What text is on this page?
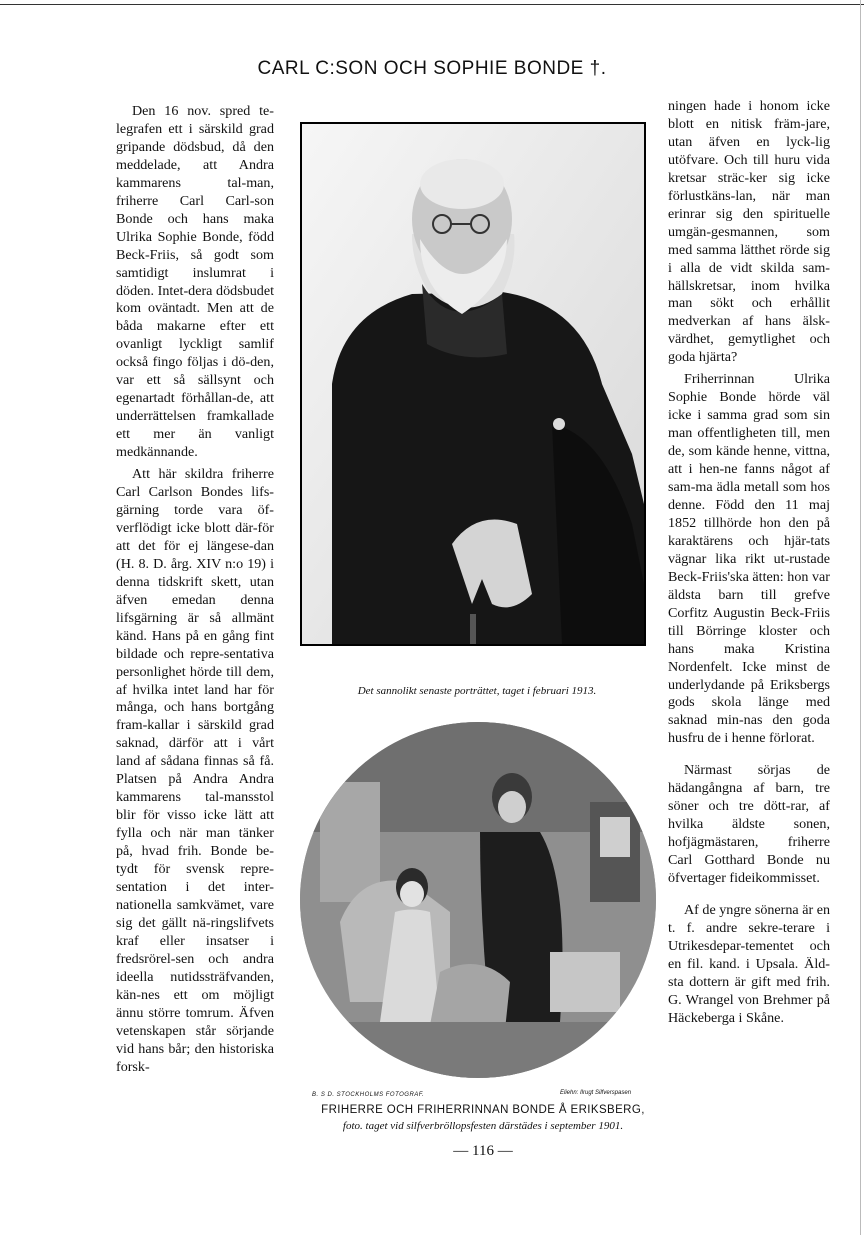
CARL C:SON OCH SOPHIE BONDE †.

Den 16 nov. spred te-legrafen ett i särskild grad gripande dödsbud, då den meddelade, att Andra kammarens tal-man, friherre Carl Carl-son Bonde och hans maka Ulrika Sophie Bonde, född Beck-Friis, så godt som samtidigt inslumrat i döden. Intet-dera dödsbudet kom oväntadt. Men att de båda makarne efter ett ovanligt lyckligt samlif också fingo följas i dö-den, var ett så sällsynt och egenartadt förhållan-de, att underrättelsen framkallade ett mer än vanligt medkännande.

Att här skildra friherre Carl Carlson Bondes lifs-gärning torde vara öf-verflödigt icke blott där-för att det för ej längese-dan (H. 8. D. årg. XIV n:o 19) i denna tidskrift skett, utan äfven emedan denna lifsgärning är så allmänt känd. Hans på en gång fint bildade och repre-sentativa personlighet hörde till dem, af hvilka intet land har för många, och hans bortgång fram-kallar i särskild grad saknad, därför att i vårt land af sådana finnas så få. Platsen på Andra Andra kammarens tal-mansstol blir för visso icke lätt att fylla och när man tänker på, hvad frih. Bonde be-tydt för svensk repre-sentation i det inter-nationella samkvämet, vare sig det gällt nä-ringslifvets kraf eller insatser i fredsrörel-sen och andra ideella nutidssträfvanden, kän-nes ett om möjligt ännu större tomrum. Äfven vetenskapen står sörjande vid hans bår; den historiska forsk-

Det sannolikt senaste porträttet, taget i februari 1913.
B. S D. STOCKHOLMS FOTOGRAF.	Eliehn: Ilrugt Silfverspasen
FRIHERRE OCH FRIHERRINNAN BONDE Å ERIKSBERG,
foto. taget vid silfverbröllopsfesten därstädes i september 1901.

ningen hade i honom icke blott en nitisk främ-jare, utan äfven en lyck-lig utöfvare. Och till huru vida kretsar sträc-ker sig icke förlustkäns-lan, när man erinrar sig den spirituelle umgän-gesmannen, som med samma lätthet rörde sig i alla de vidt skilda sam-hällskretsar, inom hvilka man sökt och erhållit medverkan af hans älsk-värdhet, gemytlighet och goda hjärta?

Friherrinnan Ulrika Sophie Bonde hörde väl icke i samma grad som sin man offentligheten till, men de, som kände henne, vittna, att i hen-ne fanns något af sam-ma ädla metall som hos denne. Född den 11 maj 1852 tillhörde hon den på karaktärens och hjär-tats vägnar lika rikt ut-rustade Beck-Friis'ska ätten: hon var äldsta barn till grefve Corfitz Augustin Beck-Friis till Börringe kloster och hans maka Kristina Nordenfelt. Icke minst de underlydande på Eriksbergs gods skola länge med saknad min-nas den goda husfru de i henne förlorat.

Närmast sörjas de hädangångna af barn, tre söner och tre dött-rar, af hvilka äldste sonen, hofjägmästaren, friherre Carl Gotthard Bonde nu öfvertager fideikommisset.

Af de yngre sönerna är en t. f. andre sekre-terare i Utrikesdepar-tementet och en fil. kand. i Upsala. Äld-sta dottern är gift med frih. G. Wrangel von Brehmer på Häckeberga i Skåne.

— 116 —
